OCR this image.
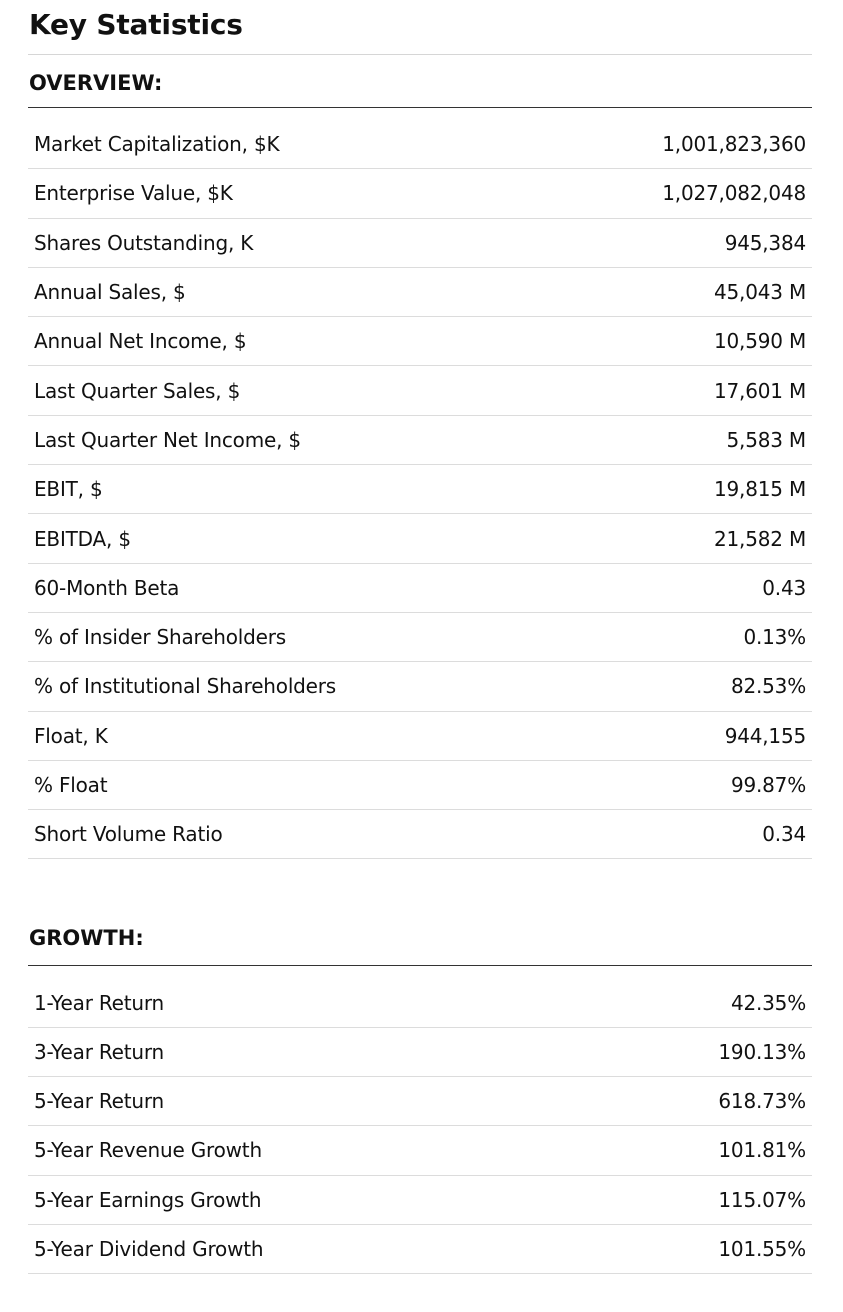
Key Statistics
OVERVIEW:
Market Capitalization, $K	1,001,823,360
Enterprise Value, $K	1,027,082,048
Shares Outstanding, K	945,384
Annual Sales, $	45,043 M
Annual Net Income, $	10,590 M
Last Quarter Sales, $	17,601 M
Last Quarter Net Income, $	5,583 M
EBIT, $	19,815 M
EBITDA, $	21,582 M
60-Month Beta	0.43
% of Insider Shareholders	0.13%
% of Institutional Shareholders	82.53%
Float, K	944,155
% Float	99.87%
Short Volume Ratio	0.34
GROWTH:
1-Year Return	42.35%
3-Year Return	190.13%
5-Year Return	618.73%
5-Year Revenue Growth	101.81%
5-Year Earnings Growth	115.07%
5-Year Dividend Growth	101.55%
